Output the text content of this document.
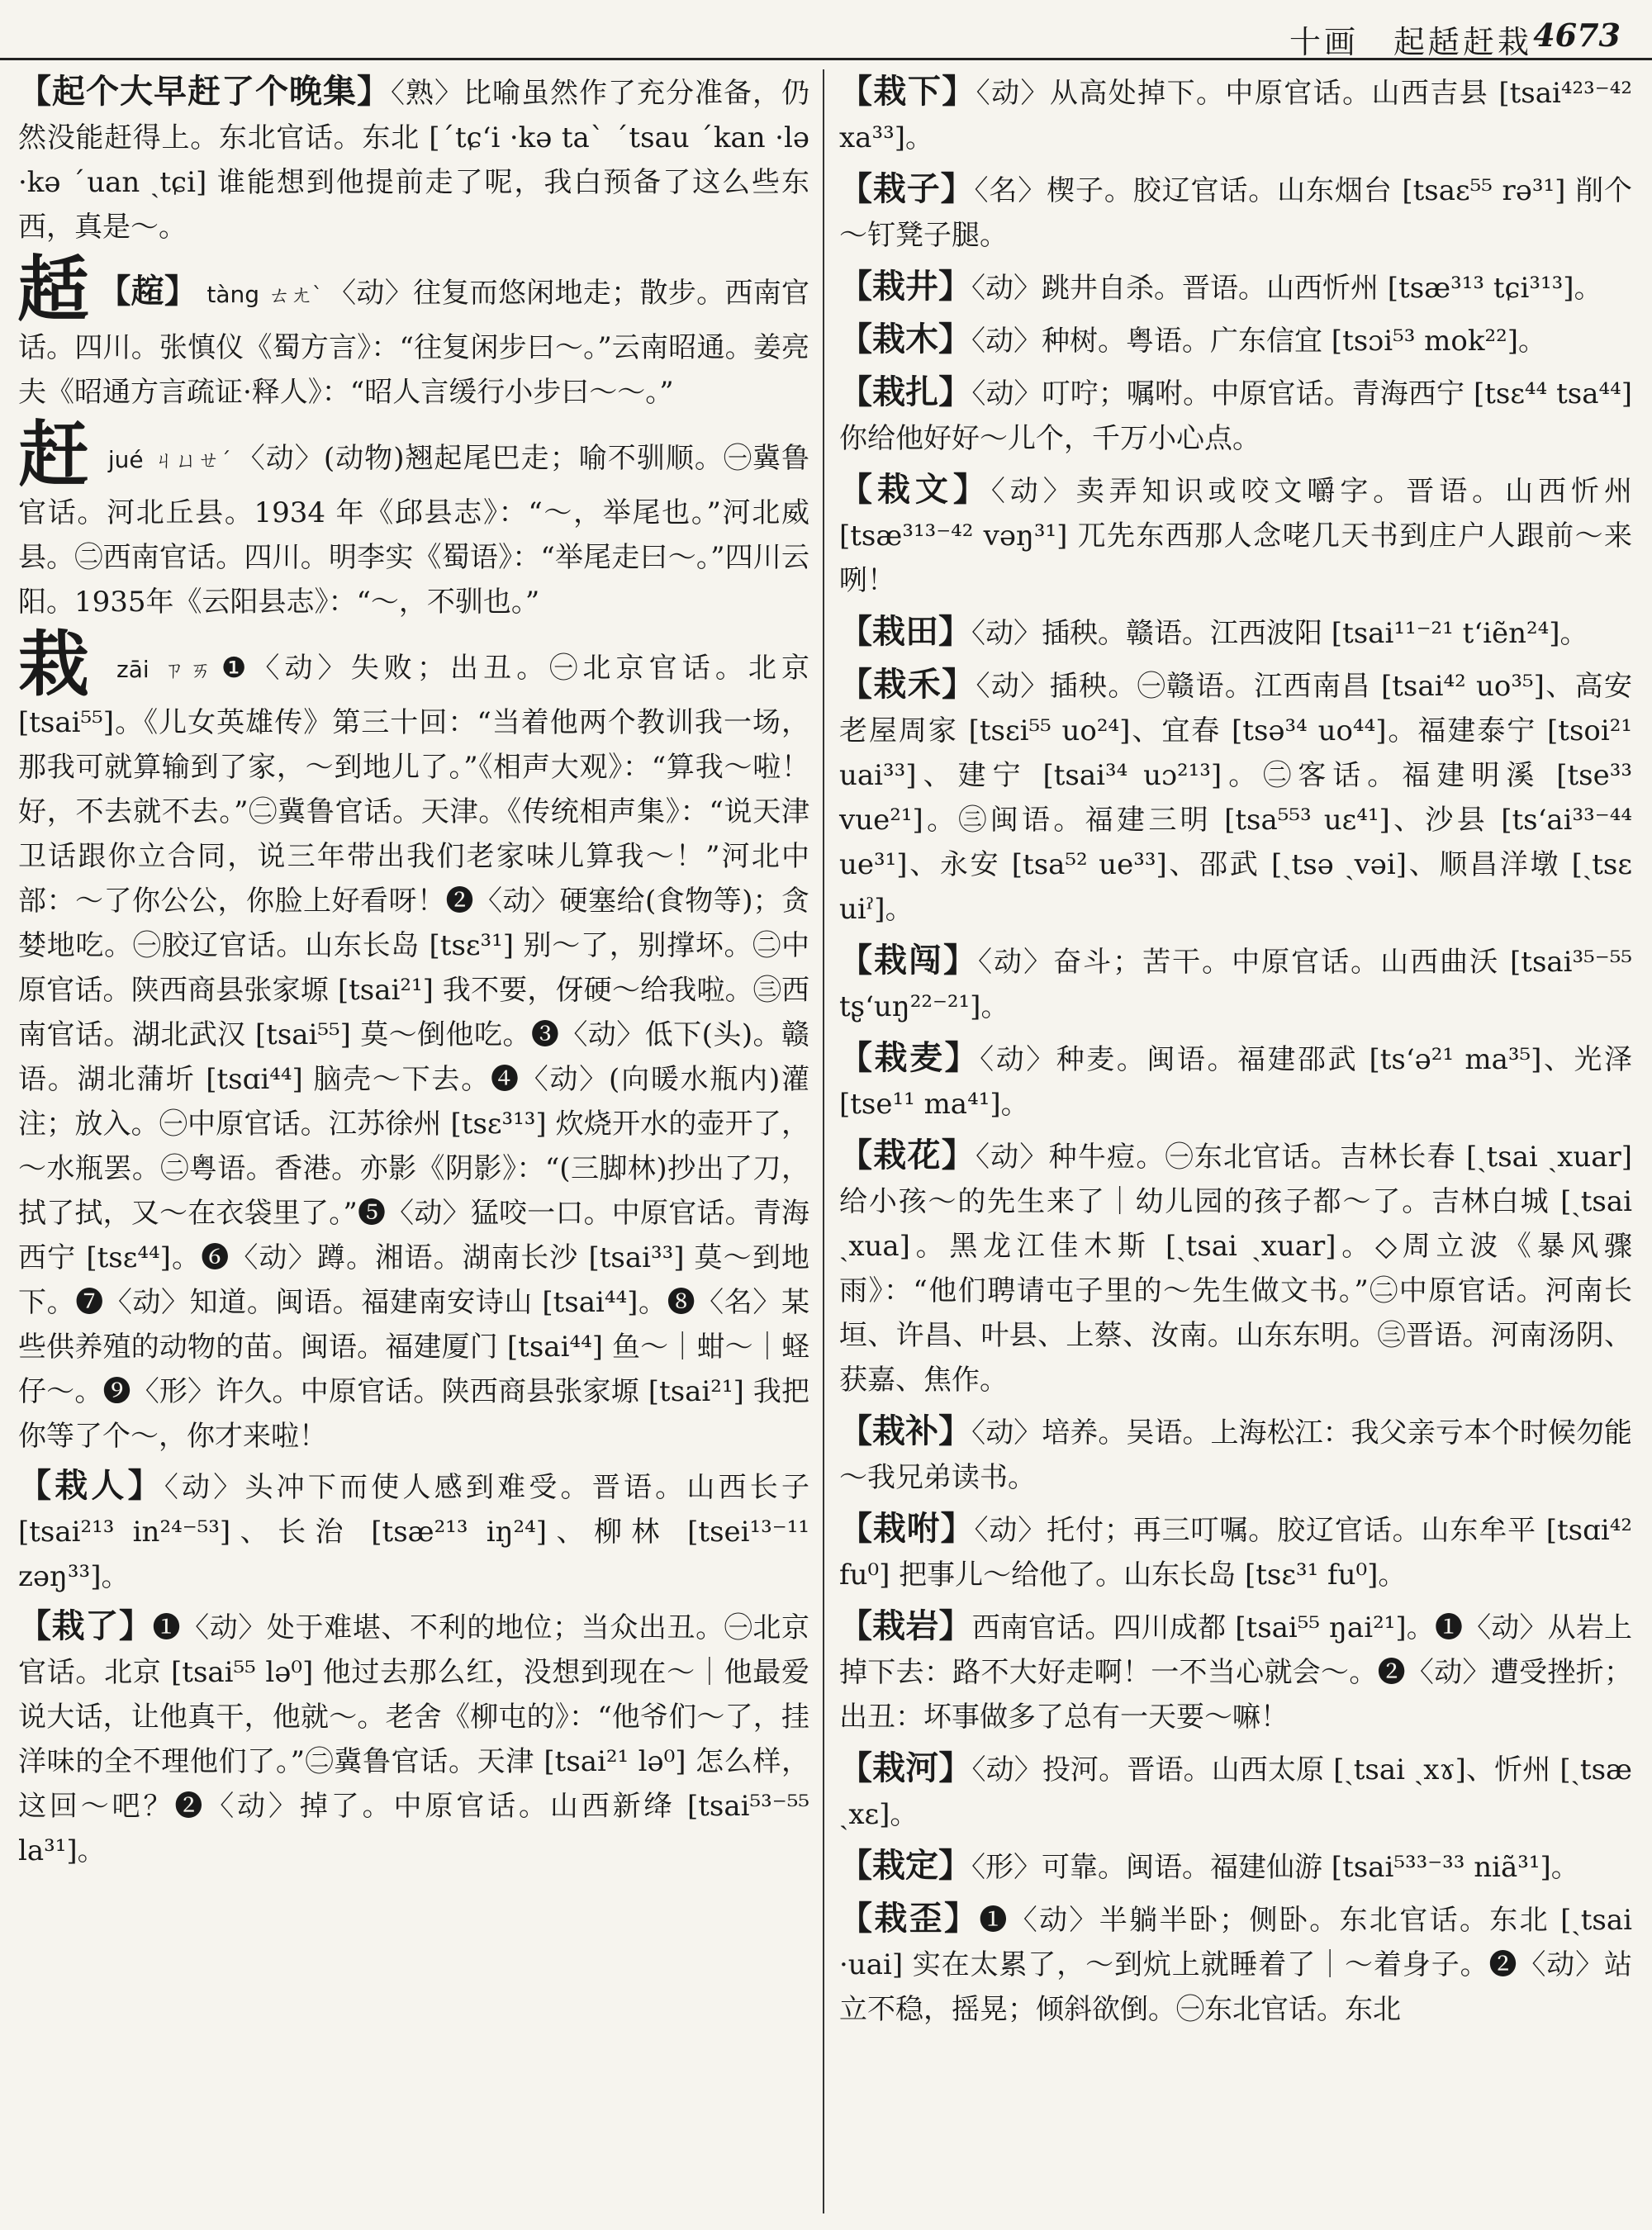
十画　起趏赶栽 4673

【起个大早赶了个晚集】〈熟〉比喻虽然作了充分准备，仍然没能赶得上。东北官话。东北 [ˊtɕʻi ·kə taˋ ˊtsau ˊkan ·lə ·kə ˊuan ˏtɕi] 谁能想到他提前走了呢，我白预备了这么些东西，真是～。

趏 【趤】 tàng ㄊㄤˋ 〈动〉往复而悠闲地走；散步。西南官话。四川。张慎仪《蜀方言》：“往复闲步曰～。”云南昭通。姜亮夫《昭通方言疏证·释人》：“昭人言缓行小步曰～～。”

赶 jué ㄐㄩㄝˊ 〈动〉(动物)翘起尾巴走；喻不驯顺。㊀冀鲁官话。河北丘县。1934 年《邱县志》：“～，举尾也。”河北威县。㊁西南官话。四川。明李实《蜀语》：“举尾走曰～。”四川云阳。1935年《云阳县志》：“～，不驯也。”

栽 zāi ㄗㄞ ❶〈动〉失败；出丑。㊀北京官话。北京 [tsai⁵⁵]。《儿女英雄传》第三十回：“当着他两个教训我一场，那我可就算输到了家，～到地儿了。”《相声大观》：“算我～啦！好，不去就不去。”㊁冀鲁官话。天津。《传统相声集》：“说天津卫话跟你立合同，说三年带出我们老家味儿算我～！”河北中部：～了你公公，你脸上好看呀！❷〈动〉硬塞给(食物等)；贪婪地吃。㊀胶辽官话。山东长岛 [tsɛ³¹] 别～了，别撑坏。㊁中原官话。陕西商县张家塬 [tsai²¹] 我不要，伢硬～给我啦。㊂西南官话。湖北武汉 [tsai⁵⁵] 莫～倒他吃。❸〈动〉低下(头)。赣语。湖北蒲圻 [tsɑi⁴⁴] 脑壳～下去。❹〈动〉(向暖水瓶内)灌注；放入。㊀中原官话。江苏徐州 [tsɛ³¹³] 炊烧开水的壶开了，～水瓶罢。㊁粤语。香港。亦影《阴影》：“(三脚林)抄出了刀，拭了拭，又～在衣袋里了。”❺〈动〉猛咬一口。中原官话。青海西宁 [tsɛ⁴⁴]。❻〈动〉蹲。湘语。湖南长沙 [tsai³³] 莫～到地下。❼〈动〉知道。闽语。福建南安诗山 [tsai⁴⁴]。❽〈名〉某些供养殖的动物的苗。闽语。福建厦门 [tsai⁴⁴] 鱼～｜蚶～｜蛏仔～。❾〈形〉许久。中原官话。陕西商县张家塬 [tsai²¹] 我把你等了个～，你才来啦！

【栽人】〈动〉头冲下而使人感到难受。晋语。山西长子 [tsai²¹³ in²⁴⁻⁵³]、长治 [tsæ²¹³ iŋ²⁴]、柳林 [tsei¹³⁻¹¹ zəŋ³³]。

【栽了】❶〈动〉处于难堪、不利的地位；当众出丑。㊀北京官话。北京 [tsai⁵⁵ lə⁰] 他过去那么红，没想到现在～｜他最爱说大话，让他真干，他就～。老舍《柳屯的》：“他爷们～了，挂洋味的全不理他们了。”㊁冀鲁官话。天津 [tsai²¹ lə⁰] 怎么样，这回～吧？❷〈动〉掉了。中原官话。山西新绛 [tsai⁵³⁻⁵⁵ la³¹]。

【栽下】〈动〉从高处掉下。中原官话。山西吉县 [tsai⁴²³⁻⁴² xa³³]。

【栽子】〈名〉楔子。胶辽官话。山东烟台 [tsaɛ⁵⁵ rə³¹] 削个～钉凳子腿。

【栽井】〈动〉跳井自杀。晋语。山西忻州 [tsæ³¹³ tɕi³¹³]。

【栽木】〈动〉种树。粤语。广东信宜 [tsɔi⁵³ mok²²]。

【栽扎】〈动〉叮咛；嘱咐。中原官话。青海西宁 [tsɛ⁴⁴ tsa⁴⁴] 你给他好好～儿个，千万小心点。

【栽文】〈动〉卖弄知识或咬文嚼字。晋语。山西忻州 [tsæ³¹³⁻⁴² vəŋ³¹] 兀先东西那人念咾几天书到庄户人跟前～来咧！

【栽田】〈动〉插秧。赣语。江西波阳 [tsai¹¹⁻²¹ tʻiẽn²⁴]。

【栽禾】〈动〉插秧。㊀赣语。江西南昌 [tsai⁴² uo³⁵]、高安老屋周家 [tsɛi⁵⁵ uo²⁴]、宜春 [tsə³⁴ uo⁴⁴]。福建泰宁 [tsoi²¹ uai³³]、建宁 [tsai³⁴ uɔ²¹³]。㊁客话。福建明溪 [tse³³ vue²¹]。㊂闽语。福建三明 [tsa⁵⁵³ uɛ⁴¹]、沙县 [tsʻai³³⁻⁴⁴ ue³¹]、永安 [tsa⁵² ue³³]、邵武 [ˏtsə ˏvəi]、顺昌洋墩 [ˏtsɛ uiˀ]。

【栽闯】〈动〉奋斗；苦干。中原官话。山西曲沃 [tsai³⁵⁻⁵⁵ tʂʻuŋ²²⁻²¹]。

【栽麦】〈动〉种麦。闽语。福建邵武 [tsʻə²¹ ma³⁵]、光泽 [tse¹¹ ma⁴¹]。

【栽花】〈动〉种牛痘。㊀东北官话。吉林长春 [ˏtsai ˏxuar] 给小孩～的先生来了｜幼儿园的孩子都～了。吉林白城 [ˏtsai ˏxua]。黑龙江佳木斯 [ˏtsai ˏxuar]。◇周立波《暴风骤雨》：“他们聘请屯子里的～先生做文书。”㊁中原官话。河南长垣、许昌、叶县、上蔡、汝南。山东东明。㊂晋语。河南汤阴、获嘉、焦作。

【栽补】〈动〉培养。吴语。上海松江：我父亲亏本个时候勿能～我兄弟读书。

【栽咐】〈动〉托付；再三叮嘱。胶辽官话。山东牟平 [tsɑi⁴² fu⁰] 把事儿～给他了。山东长岛 [tsɛ³¹ fu⁰]。

【栽岩】西南官话。四川成都 [tsai⁵⁵ ŋai²¹]。❶〈动〉从岩上掉下去：路不大好走啊！一不当心就会～。❷〈动〉遭受挫折；出丑：坏事做多了总有一天要～嘛！

【栽河】〈动〉投河。晋语。山西太原 [ˏtsai ˏxɤ]、忻州 [ˏtsæ ˏxɛ]。

【栽定】〈形〉可靠。闽语。福建仙游 [tsai⁵³³⁻³³ niã³¹]。

【栽歪】❶〈动〉半躺半卧；侧卧。东北官话。东北 [ˏtsai ·uai] 实在太累了，～到炕上就睡着了｜～着身子。❷〈动〉站立不稳，摇晃；倾斜欲倒。㊀东北官话。东北
